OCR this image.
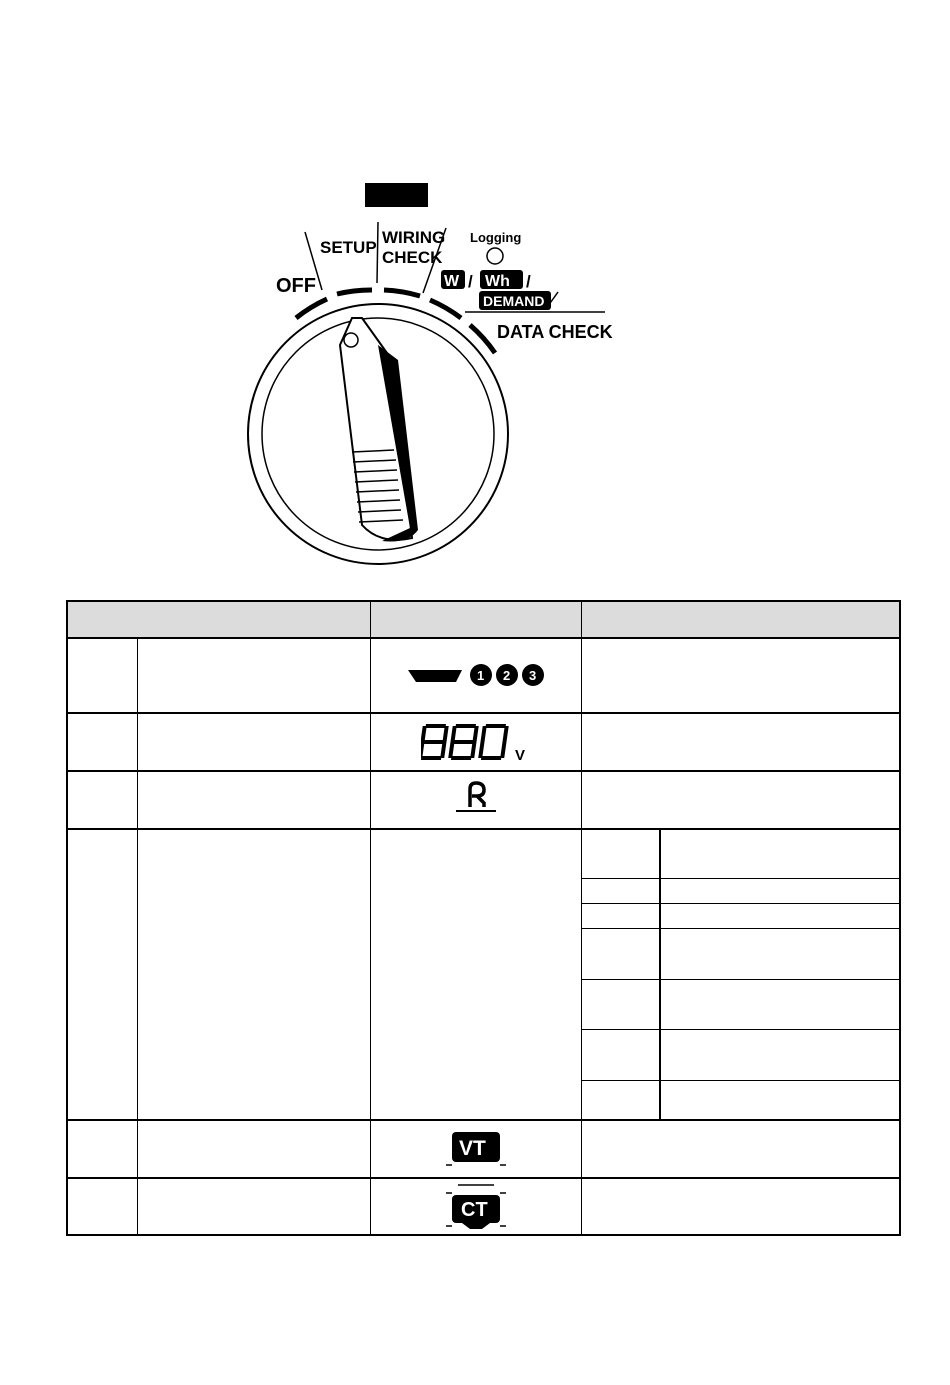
OFF
SETUP
WIRING
CHECK
Logging
W / Wh /
DEMAND
DATA CHECK
1 2 3
V
VT
CT
